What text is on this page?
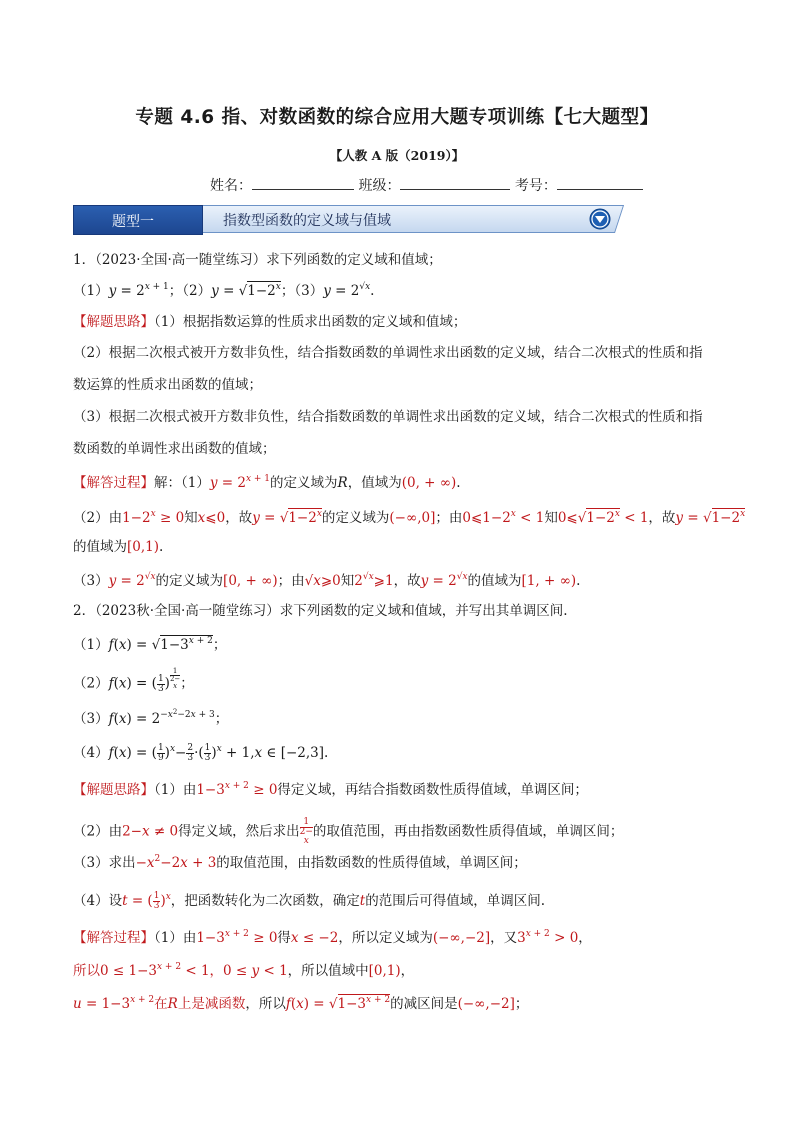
专题 4.6 指、对数函数的综合应用大题专项训练【七大题型】
【人教 A 版（2019）】
姓名：	班级：	考号：
题型一	指数型函数的定义域与值域
1．（2023·全国·高一随堂练习）求下列函数的定义域和值域；
$(1)y = 2^{x + 1}$；$(2)y = √1-2^x$；$(3)y = 2^{√x}$.
【解题思路】（1）根据指数运算的性质求出函数的定义域和值域；
（2）根据二次根式被开方数非负性，结合指数函数的单调性求出函数的定义域，结合二次根式的性质和指
数运算的性质求出函数的值域；
（3）根据二次根式被开方数非负性，结合指数函数的单调性求出函数的定义域，结合二次根式的性质和指
数函数的单调性求出函数的值域；
【解答过程】解：$(1)y = 2^{x + 1}$的定义域为R，值域为(0, + ∞).
（2）由$1-2^x \ge 0$知x⩽0，故$y = √1-2^x$的定义域为(−∞,0]；由$0⩽1-2^x < 1$知$0⩽√1-2^x < 1$，故$y = √1-2^x$
的值域为[0,1).
$(3)y = 2^{√x}$的定义域为[0, + ∞)；由√x⩾0知$2^{√x}⩾1$，故$y = 2^{√x}$的值域为[1, + ∞).
2．（2023秋·全国·高一随堂练习）求下列函数的定义域和值域，并写出其单调区间.
$(1)f(x) = √1-3^{x + 2}$；
（2）f(x) = ( $\frac{1}{3}$ ) $^{1 2- x}$ ；
$(3)f(x) = 2^{-x^2-2x + 3}$；
（4）f(x) = ( $\frac{1}{9} )^x- \frac{2}{3}$ ·( $\frac{1}{3} )^x + 1,x$ ∈ [−2,3].
【解题思路】（1）由$1-3^{x + 2} \ge 0$得定义域，再结合指数函数性质得值域，单调区间；
（2）由2−x ≠ 0得定义域，然后求出 1
2−
x 的取值范围，再由指数函数性质得值域，单调区间；
（3）求出$-x^2-2x + 3$的取值范围，由指数函数的性质得值域，单调区间；
（4）设t = ( $\frac{1}{3} )^x$，把函数转化为二次函数，确定t的范围后可得值域，单调区间.
【解答过程】（1）由$1-3^{x + 2} \ge 0$得x ≤ −2，所以定义域为(−∞,−2]，又$3^{x + 2} > 0$，
所以$0 \le 1-3^{x + 2} < 1$，0 ≤ y < 1，所以值域中[0,1)，
$u = 1-3^{x + 2}$在R上是减函数，所以$f(x) = √1-3^{x + 2}$的减区间是(−∞,−2]；
